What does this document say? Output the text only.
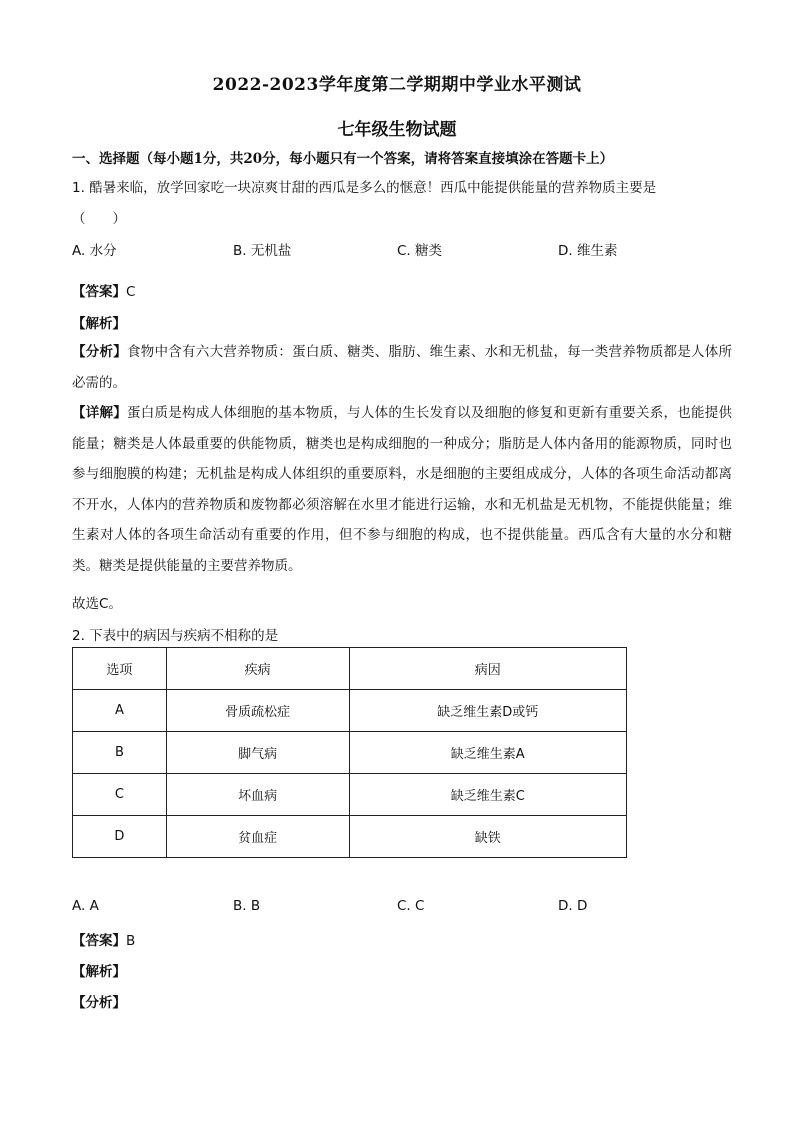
2022-2023学年度第二学期期中学业水平测试
七年级生物试题
一、选择题（每小题1分，共20分，每小题只有一个答案，请将答案直接填涂在答题卡上）
1. 酷暑来临，放学回家吃一块凉爽甘甜的西瓜是多么的惬意！西瓜中能提供能量的营养物质主要是
（　　）
A. 水分	B. 无机盐	C. 糖类	D. 维生素
【答案】C
【解析】
【分析】食物中含有六大营养物质：蛋白质、糖类、脂肪、维生素、水和无机盐，每一类营养物质都是人体所必需的。
【详解】蛋白质是构成人体细胞的基本物质，与人体的生长发育以及细胞的修复和更新有重要关系，也能提供能量；糖类是人体最重要的供能物质，糖类也是构成细胞的一种成分；脂肪是人体内备用的能源物质，同时也参与细胞膜的构建；无机盐是构成人体组织的重要原料，水是细胞的主要组成成分，人体的各项生命活动都离不开水，人体内的营养物质和废物都必须溶解在水里才能进行运输，水和无机盐是无机物，不能提供能量；维生素对人体的各项生命活动有重要的作用，但不参与细胞的构成，也不提供能量。西瓜含有大量的水分和糖类。糖类是提供能量的主要营养物质。
故选C。
2. 下表中的病因与疾病不相称的是
选项	疾病	病因
A	骨质疏松症	缺乏维生素D或钙
B	脚气病	缺乏维生素A
C	坏血病	缺乏维生素C
D	贫血症	缺铁
A. A	B. B	C. C	D. D
【答案】B
【解析】
【分析】
